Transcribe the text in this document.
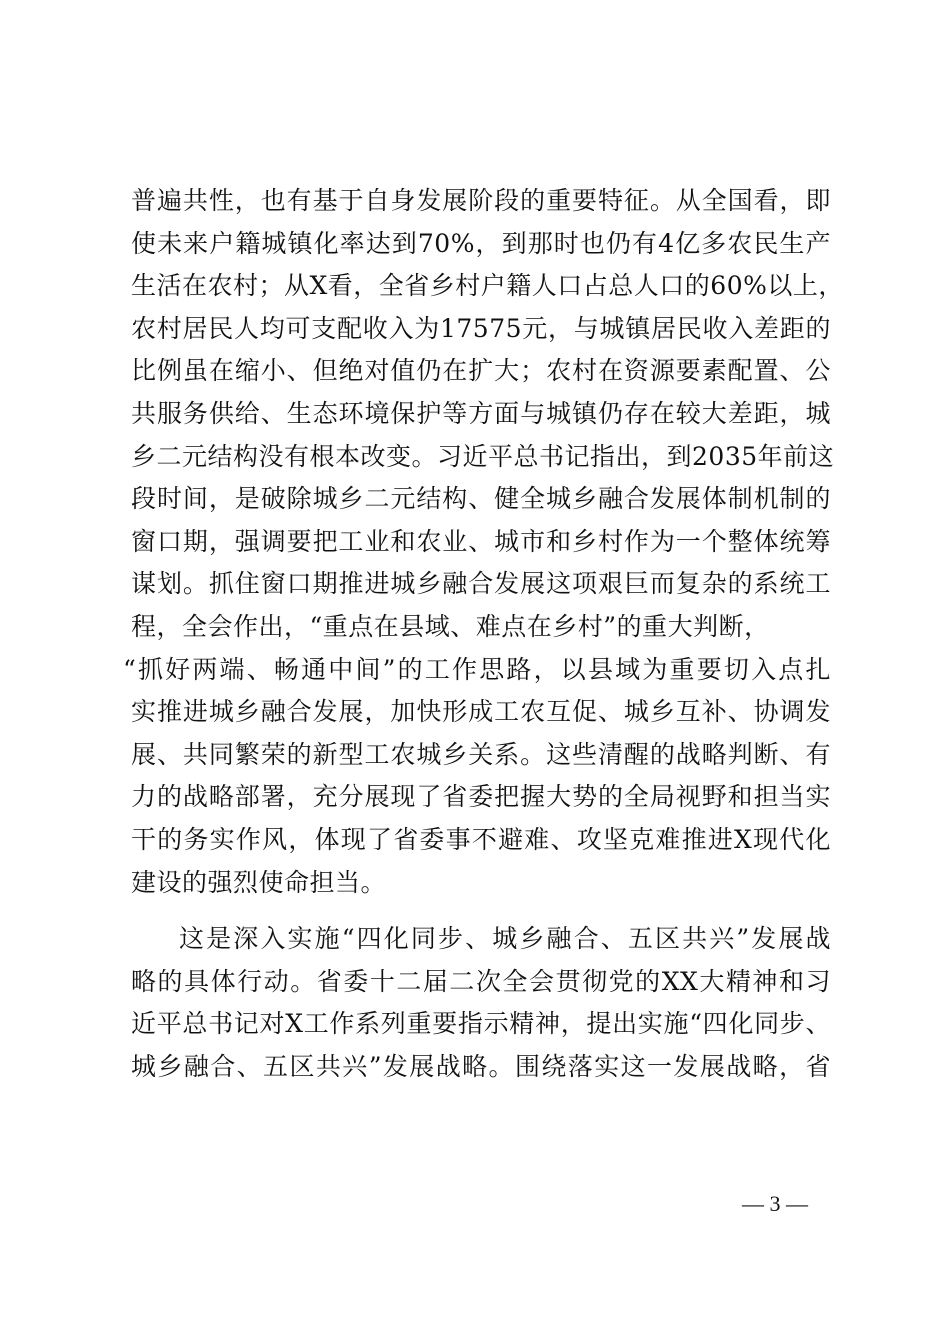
普遍共性，也有基于自身发展阶段的重要特征。从全国看，即
使未来户籍城镇化率达到70%，到那时也仍有4亿多农民生产
生活在农村；从X看，全省乡村户籍人口占总人口的60%以上，
农村居民人均可支配收入为17575元，与城镇居民收入差距的
比例虽在缩小、但绝对值仍在扩大；农村在资源要素配置、公
共服务供给、生态环境保护等方面与城镇仍存在较大差距，城
乡二元结构没有根本改变。习近平总书记指出，到2035年前这
段时间，是破除城乡二元结构、健全城乡融合发展体制机制的
窗口期，强调要把工业和农业、城市和乡村作为一个整体统筹
谋划。抓住窗口期推进城乡融合发展这项艰巨而复杂的系统工
程，全会作出，“重点在县域、难点在乡村”的重大判断，
“抓好两端、畅通中间”的工作思路，以县域为重要切入点扎
实推进城乡融合发展，加快形成工农互促、城乡互补、协调发
展、共同繁荣的新型工农城乡关系。这些清醒的战略判断、有
力的战略部署，充分展现了省委把握大势的全局视野和担当实
干的务实作风，体现了省委事不避难、攻坚克难推进X现代化
建设的强烈使命担当。
这是深入实施“四化同步、城乡融合、五区共兴”发展战
略的具体行动。省委十二届二次全会贯彻党的XX大精神和习
近平总书记对X工作系列重要指示精神，提出实施“四化同步、
城乡融合、五区共兴”发展战略。围绕落实这一发展战略，省
— 3 —
